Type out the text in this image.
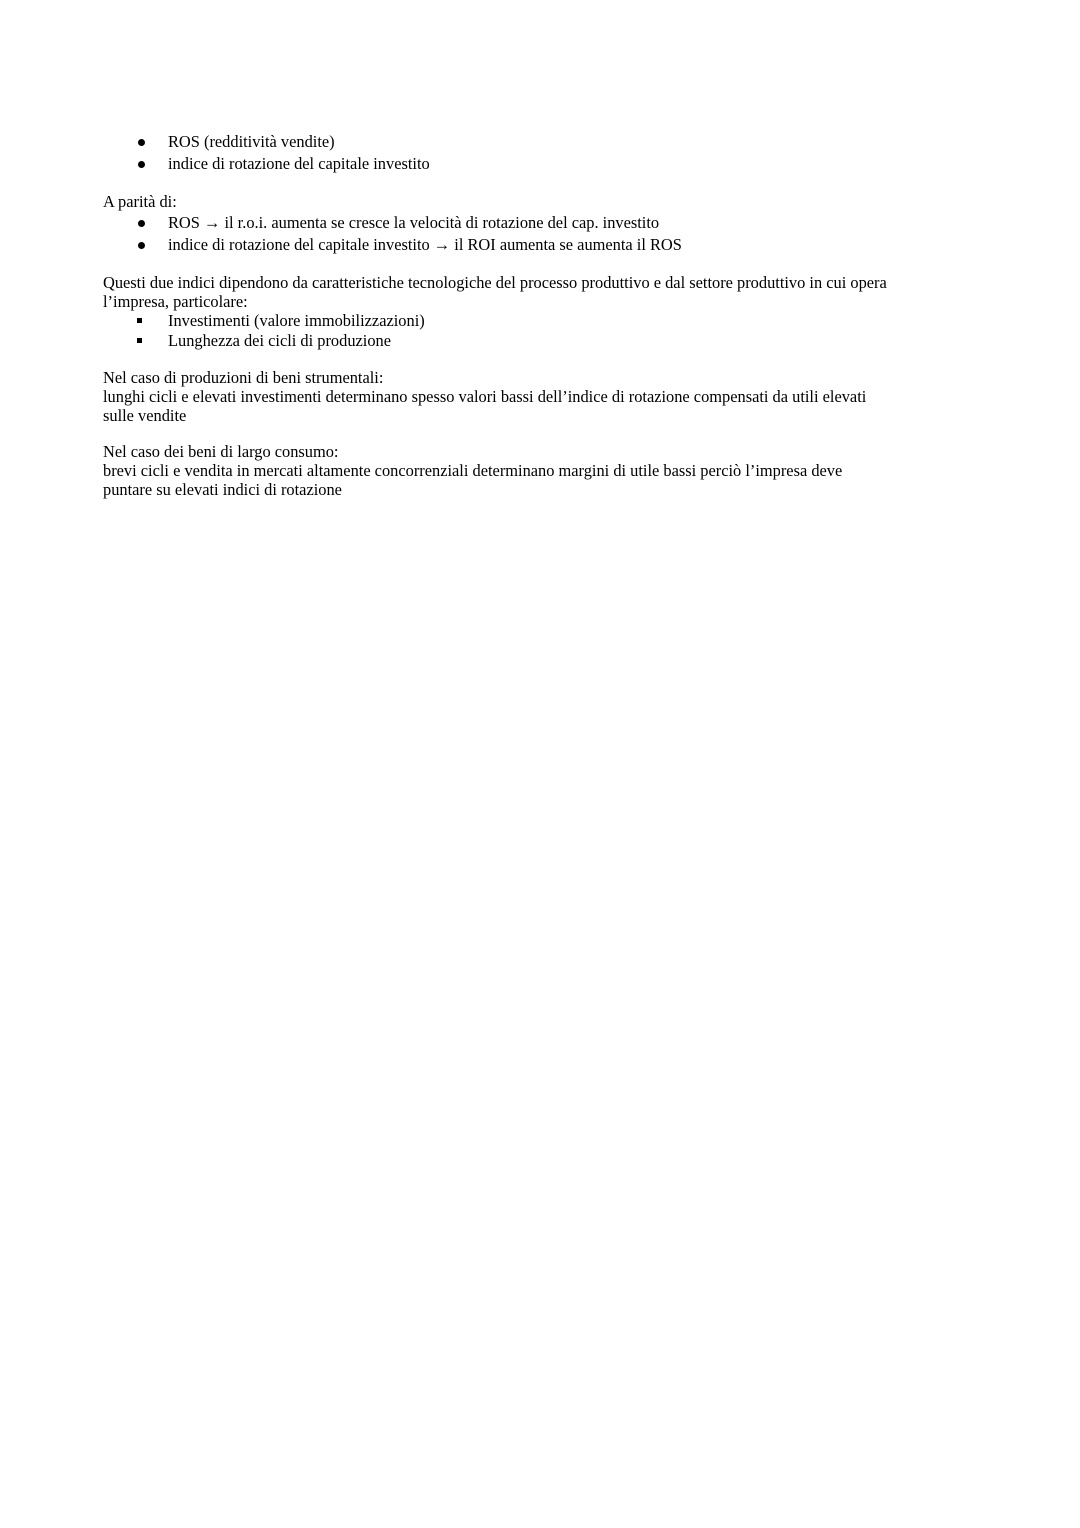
ROS (redditività vendite)
indice di rotazione del capitale investito

A parità di:

ROS → il r.o.i. aumenta se cresce la velocità di rotazione del cap. investito
indice di rotazione del capitale investito → il ROI aumenta se aumenta il ROS

Questi due indici dipendono da caratteristiche tecnologiche del processo produttivo e dal settore produttivo in cui opera

l’impresa, particolare:

Investimenti (valore immobilizzazioni)
Lunghezza dei cicli di produzione

Nel caso di produzioni di beni strumentali:

lunghi cicli e elevati investimenti determinano spesso valori bassi dell’indice di rotazione compensati da utili elevati

sulle vendite

Nel caso dei beni di largo consumo:

brevi cicli e vendita in mercati altamente concorrenziali determinano margini di utile bassi perciò l’impresa deve

puntare su elevati indici di rotazione
